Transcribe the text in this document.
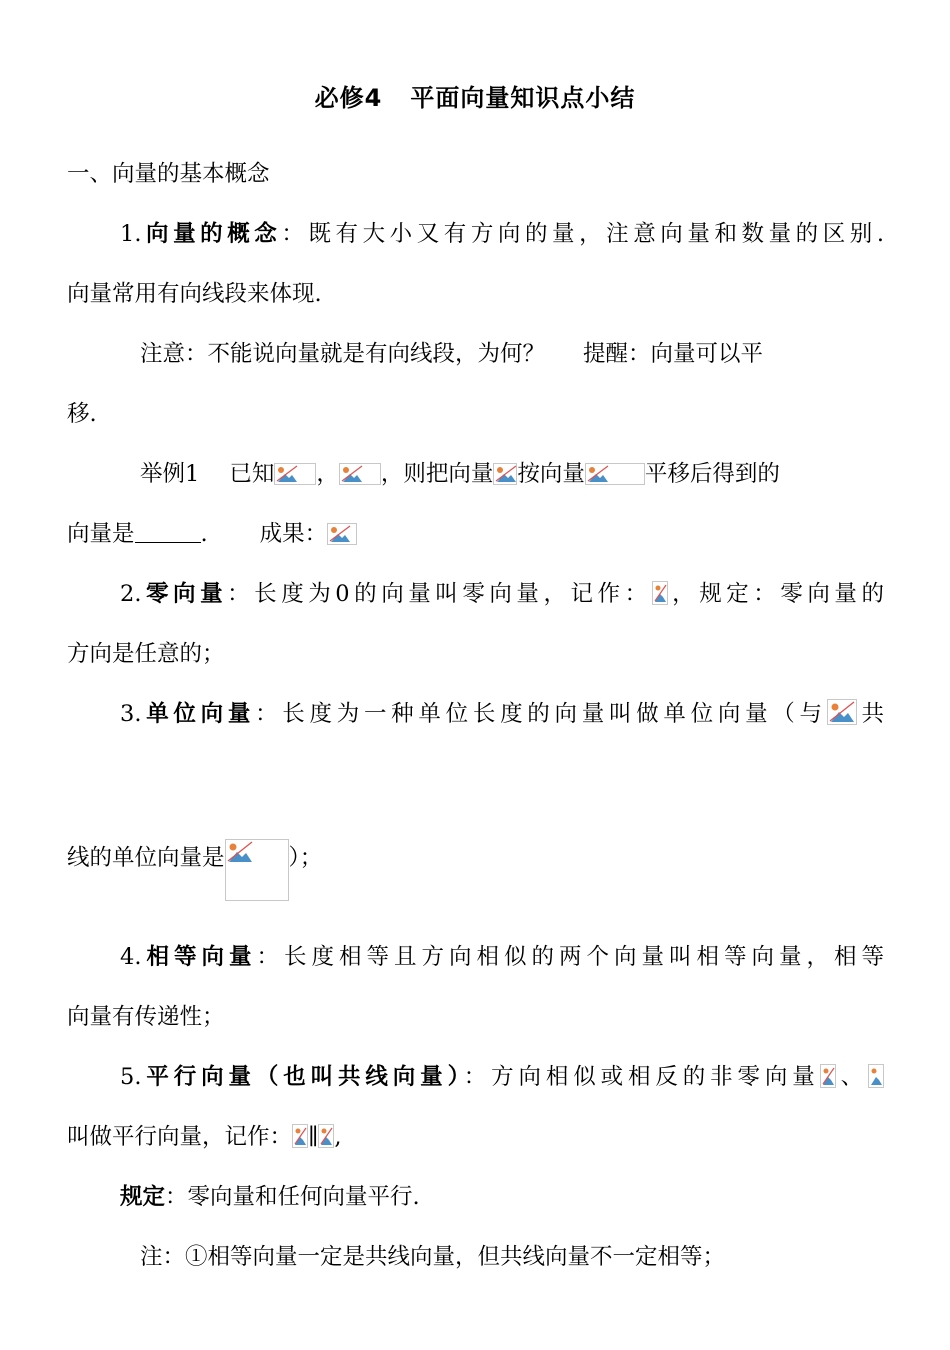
必修4 平面向量知识点小结
一、向量的基本概念
1.向量的概念：既有大小又有方向的量，注意向量和数量的区别.
向量常用有向线段来体现.
注意：不能说向量就是有向线段，为何？ 提醒：向量可以平
移.
举例1 已知 ， ，则把向量 按向量	平移后得到的
向量是	. 成果：
2.零向量：长度为0的向量叫零向量，记作： ，规定：零向量的
方向是任意的；
3.单位向量：长度为一种单位长度的向量叫做单位向量（与 共
线的单位向量是	）；
4.相等向量：长度相等且方向相似的两个向量叫相等向量，相等
向量有传递性；
5.平行向量（也叫共线向量）：方向相似或相反的非零向量 、
叫做平行向量，记作： ∥ ,
规定：零向量和任何向量平行.
注：①相等向量一定是共线向量，但共线向量不一定相等；
